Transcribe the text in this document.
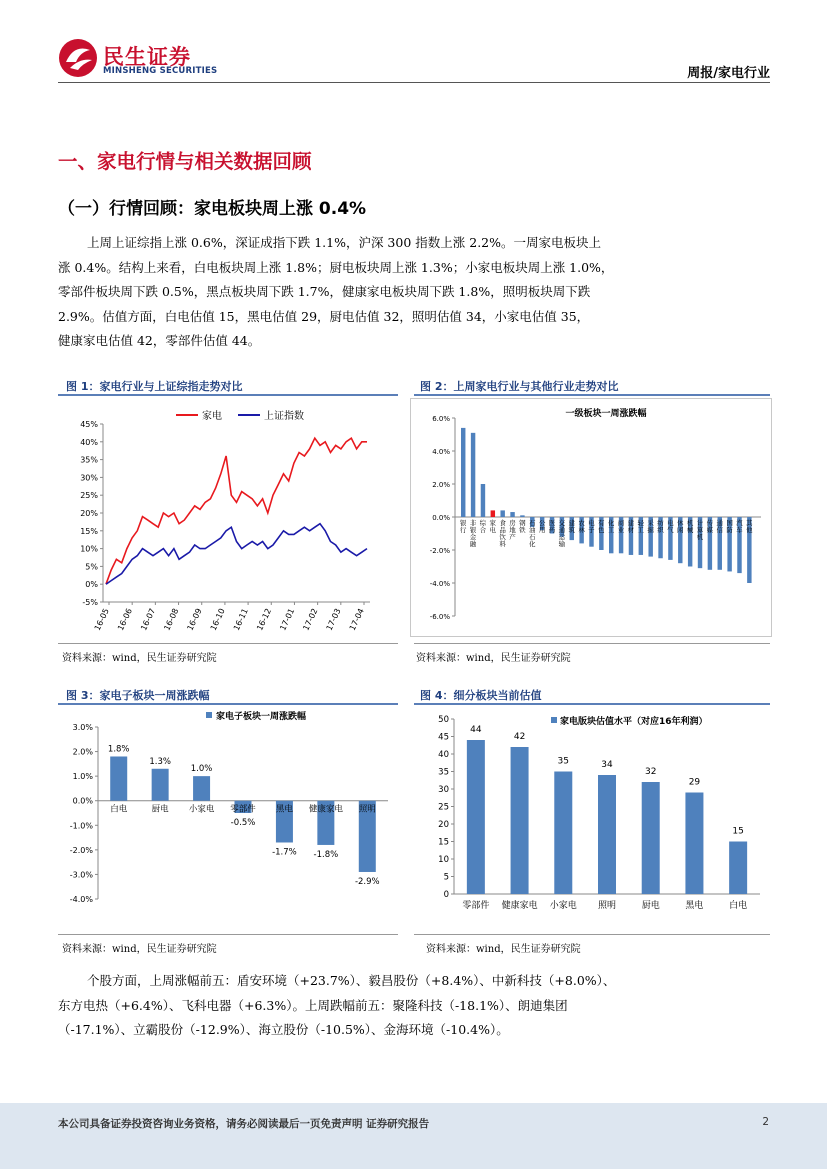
民生证券
MINSHENG SECURITIES	周报/家电行业
一、家电行情与相关数据回顾
（一）行情回顾：家电板块周上涨 0.4%
上周上证综指上涨 0.6%，深证成指下跌 1.1%，沪深 300 指数上涨 2.2%。一周家电板块上
涨 0.4%。结构上来看，白电板块周上涨 1.8%；厨电板块周上涨 1.3%；小家电板块周上涨 1.0%，
零部件板块周下跌 0.5%，黑点板块周下跌 1.7%，健康家电板块周下跌 1.8%，照明板块周下跌
2.9%。估值方面，白电估值 15，黑电估值 29，厨电估值 32，照明估值 34，小家电估值 35，
健康家电估值 42，零部件估值 44。
图 1：家电行业与上证综指走势对比
-5%
0%
5%
10%
15%
20%
25%
30%
35%
40%
45%
16-05 16-06 16-07 16-08 16-09 16-10 16-11 16-12 17-01 17-02 17-03 17-04
家电	上证指数
资料来源：wind，民生证券研究院
图 2：上周家电行业与其他行业走势对比
一级板块一周涨跌幅
6.0%
4.0%
2.0%
0.0%
-2.0%
-4.0%
-6.0%
银行
非银金融
综合
家电
食品饮料
房地产
钢铁
石油石化
公用
医药
交通运输
建筑
农林
电子
有色
化工
商业
建材
轻工
采掘
纺织
电气
休闲
机械
计算机
传媒
通信
国防
汽车
其他
资料来源：wind，民生证券研究院
图 3：家电子板块一周涨跌幅
3.0%
2.0%
1.0%
0.0%
-1.0%
-2.0%
-3.0%
-4.0%
家电子板块一周涨跌幅
1.8%
白电
1.3%
厨电
1.0%
小家电
-0.5%
零部件
-1.7%
黑电
-1.8%
健康家电
-2.9%
照明
资料来源：wind，民生证券研究院
图 4：细分板块当前估值
0
5
10
15
20
25
30
35
40
45
50	家电版块估值水平（对应16年利润）
44
零部件
42
健康家电
35
小家电
34
照明
32
厨电
29
黑电
15
白电
资料来源：wind，民生证券研究院
个股方面，上周涨幅前五：盾安环境（+23.7%）、毅昌股份（+8.4%）、中新科技（+8.0%）、
东方电热（+6.4%）、飞科电器（+6.3%）。上周跌幅前五：聚隆科技（-18.1%）、朗迪集团
（-17.1%）、立霸股份（-12.9%）、海立股份（-10.5%）、金海环境（-10.4%）。
本公司具备证券投资咨询业务资格，请务必阅读最后一页免责声明 证券研究报告	2
